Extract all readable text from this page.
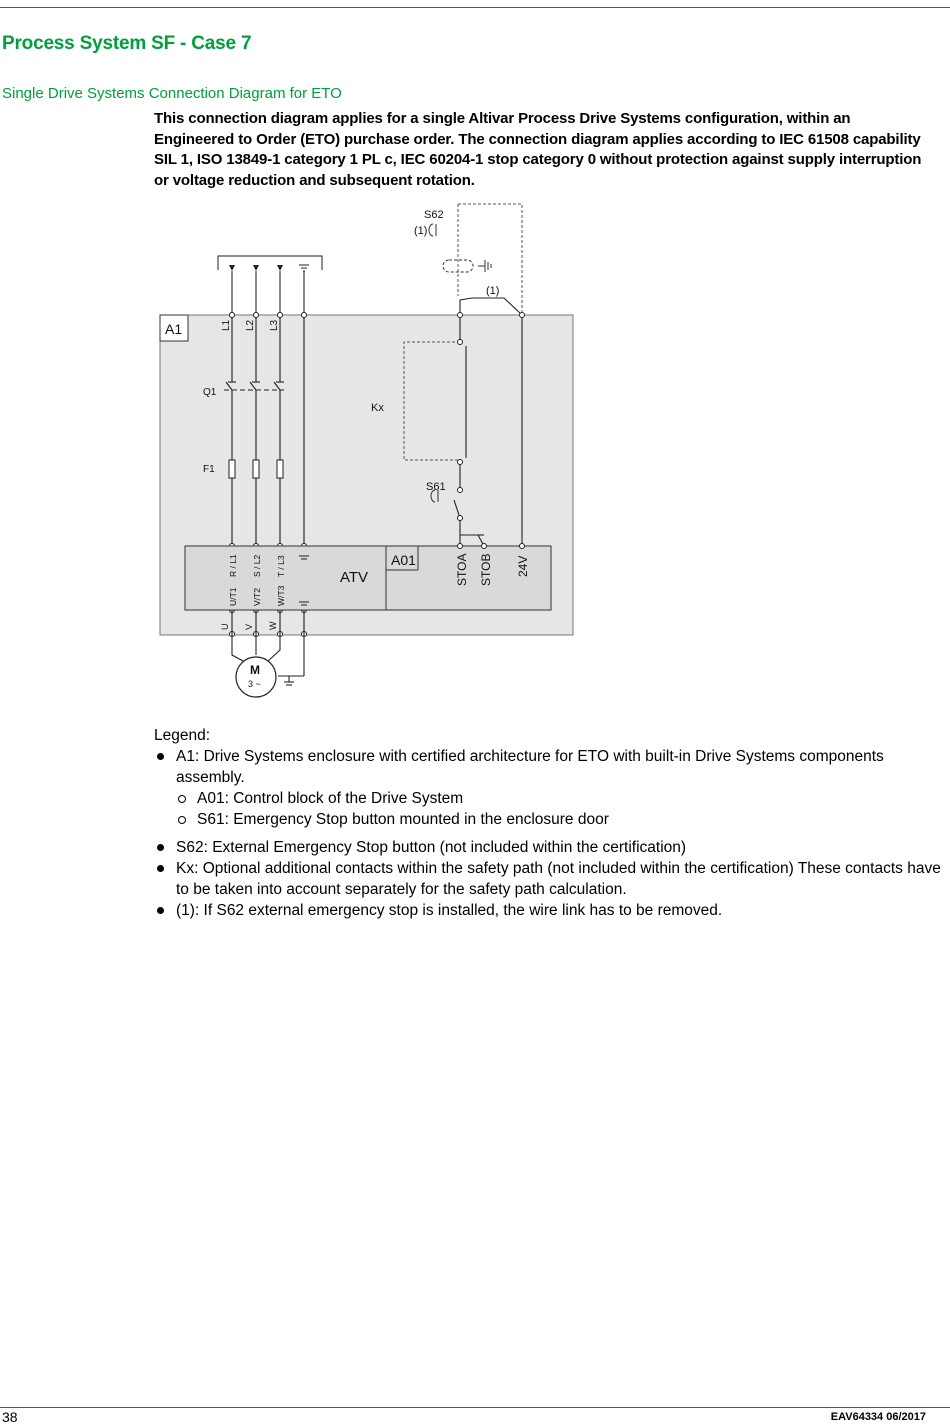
Process System SF - Case 7
Single Drive Systems Connection Diagram for ETO

This connection diagram applies for a single Altivar Process Drive Systems configuration, within an Engineered to Order (ETO) purchase order. The connection diagram applies according to IEC 61508 capability SIL 1, ISO 13849-1 category 1 PL c, IEC 60204-1 stop category 0 without protection against supply interruption or voltage reduction and subsequent rotation.

A1	L1 L2 L3
Q1
F1
ATV
A01
R / L1 S / L2 T / L3
U/T1 V/T2 W/T3
STOA STOB 24V
U V W
M
3 ~
S62
(1)
(1)
Kx
S61

Legend:

A1: Drive Systems enclosure with certified architecture for ETO with built-in Drive Systems components assembly.
A01: Control block of the Drive System
S61: Emergency Stop button mounted in the enclosure door
S62: External Emergency Stop button (not included within the certification)
Kx: Optional additional contacts within the safety path (not included within the certification) These contacts have to be taken into account separately for the safety path calculation.
(1): If S62 external emergency stop is installed, the wire link has to be removed.
38	EAV64334 06/2017
